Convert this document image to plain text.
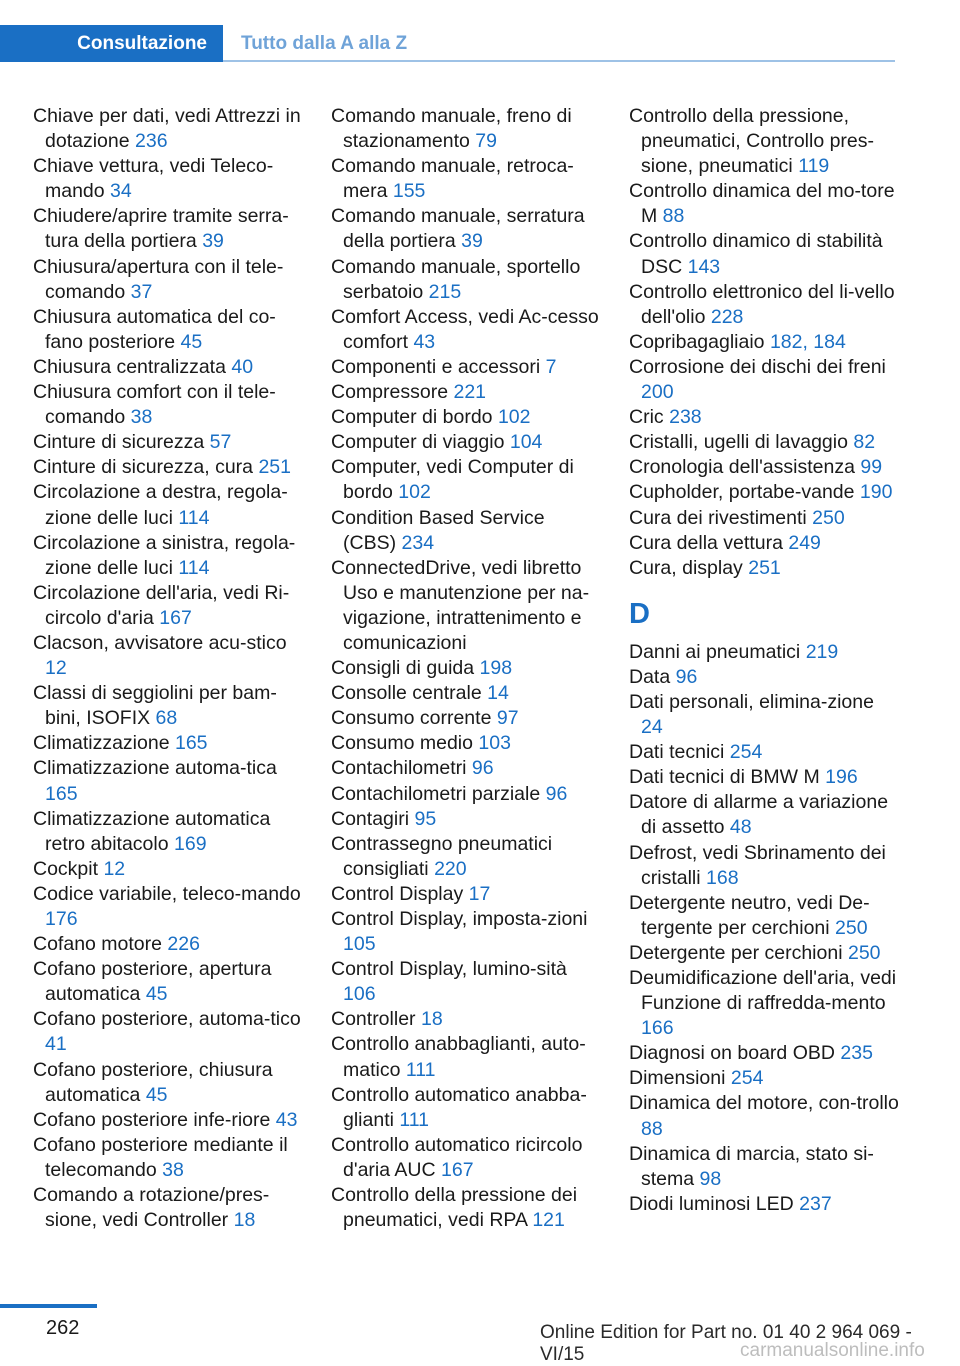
Consultazione	Tutto dalla A alla Z
Chiave per dati, vedi Attrezzi in dotazione 236
Chiave vettura, vedi Teleco-mando 34
Chiudere/aprire tramite serra-tura della portiera 39
Chiusura/apertura con il tele-comando 37
Chiusura automatica del co-fano posteriore 45
Chiusura centralizzata 40
Chiusura comfort con il tele-comando 38
Cinture di sicurezza 57
Cinture di sicurezza, cura 251
Circolazione a destra, regola-zione delle luci 114
Circolazione a sinistra, regola-zione delle luci 114
Circolazione dell'aria, vedi Ri-circolo d'aria 167
Clacson, avvisatore acu-stico 12
Classi di seggiolini per bam-bini, ISOFIX 68
Climatizzazione 165
Climatizzazione automa-tica 165
Climatizzazione automatica retro abitacolo 169
Cockpit 12
Codice variabile, teleco-mando 176
Cofano motore 226
Cofano posteriore, apertura automatica 45
Cofano posteriore, automa-tico 41
Cofano posteriore, chiusura automatica 45
Cofano posteriore infe-riore 43
Cofano posteriore mediante il telecomando 38
Comando a rotazione/pres-sione, vedi Controller 18
Comando manuale, freno di stazionamento 79
Comando manuale, retroca-mera 155
Comando manuale, serratura della portiera 39
Comando manuale, sportello serbatoio 215
Comfort Access, vedi Ac-cesso comfort 43
Componenti e accessori 7
Compressore 221
Computer di bordo 102
Computer di viaggio 104
Computer, vedi Computer di bordo 102
Condition Based Service (CBS) 234
ConnectedDrive, vedi libretto Uso e manutenzione per na-vigazione, intrattenimento e comunicazioni
Consigli di guida 198
Consolle centrale 14
Consumo corrente 97
Consumo medio 103
Contachilometri 96
Contachilometri parziale 96
Contagiri 95
Contrassegno pneumatici consigliati 220
Control Display 17
Control Display, imposta-zioni 105
Control Display, lumino-sità 106
Controller 18
Controllo anabbaglianti, auto-matico 111
Controllo automatico anabba-glianti 111
Controllo automatico ricircolo d'aria AUC 167
Controllo della pressione dei pneumatici, vedi RPA 121
Controllo della pressione, pneumatici, Controllo pres-sione, pneumatici 119
Controllo dinamica del mo-tore M 88
Controllo dinamico di stabilità DSC 143
Controllo elettronico del li-vello dell'olio 228
Copribagagliaio 182, 184
Corrosione dei dischi dei freni 200
Cric 238
Cristalli, ugelli di lavaggio 82
Cronologia dell'assistenza 99
Cupholder, portabe-vande 190
Cura dei rivestimenti 250
Cura della vettura 249
Cura, display 251
D
Danni ai pneumatici 219
Data 96
Dati personali, elimina-zione 24
Dati tecnici 254
Dati tecnici di BMW M 196
Datore di allarme a variazione di assetto 48
Defrost, vedi Sbrinamento dei cristalli 168
Detergente neutro, vedi De-tergente per cerchioni 250
Detergente per cerchioni 250
Deumidificazione dell'aria, vedi Funzione di raffredda-mento 166
Diagnosi on board OBD 235
Dimensioni 254
Dinamica del motore, con-trollo 88
Dinamica di marcia, stato si-stema 98
Diodi luminosi LED 237
262	Online Edition for Part no. 01 40 2 964 069 - VI/15	carmanualsonline.info
